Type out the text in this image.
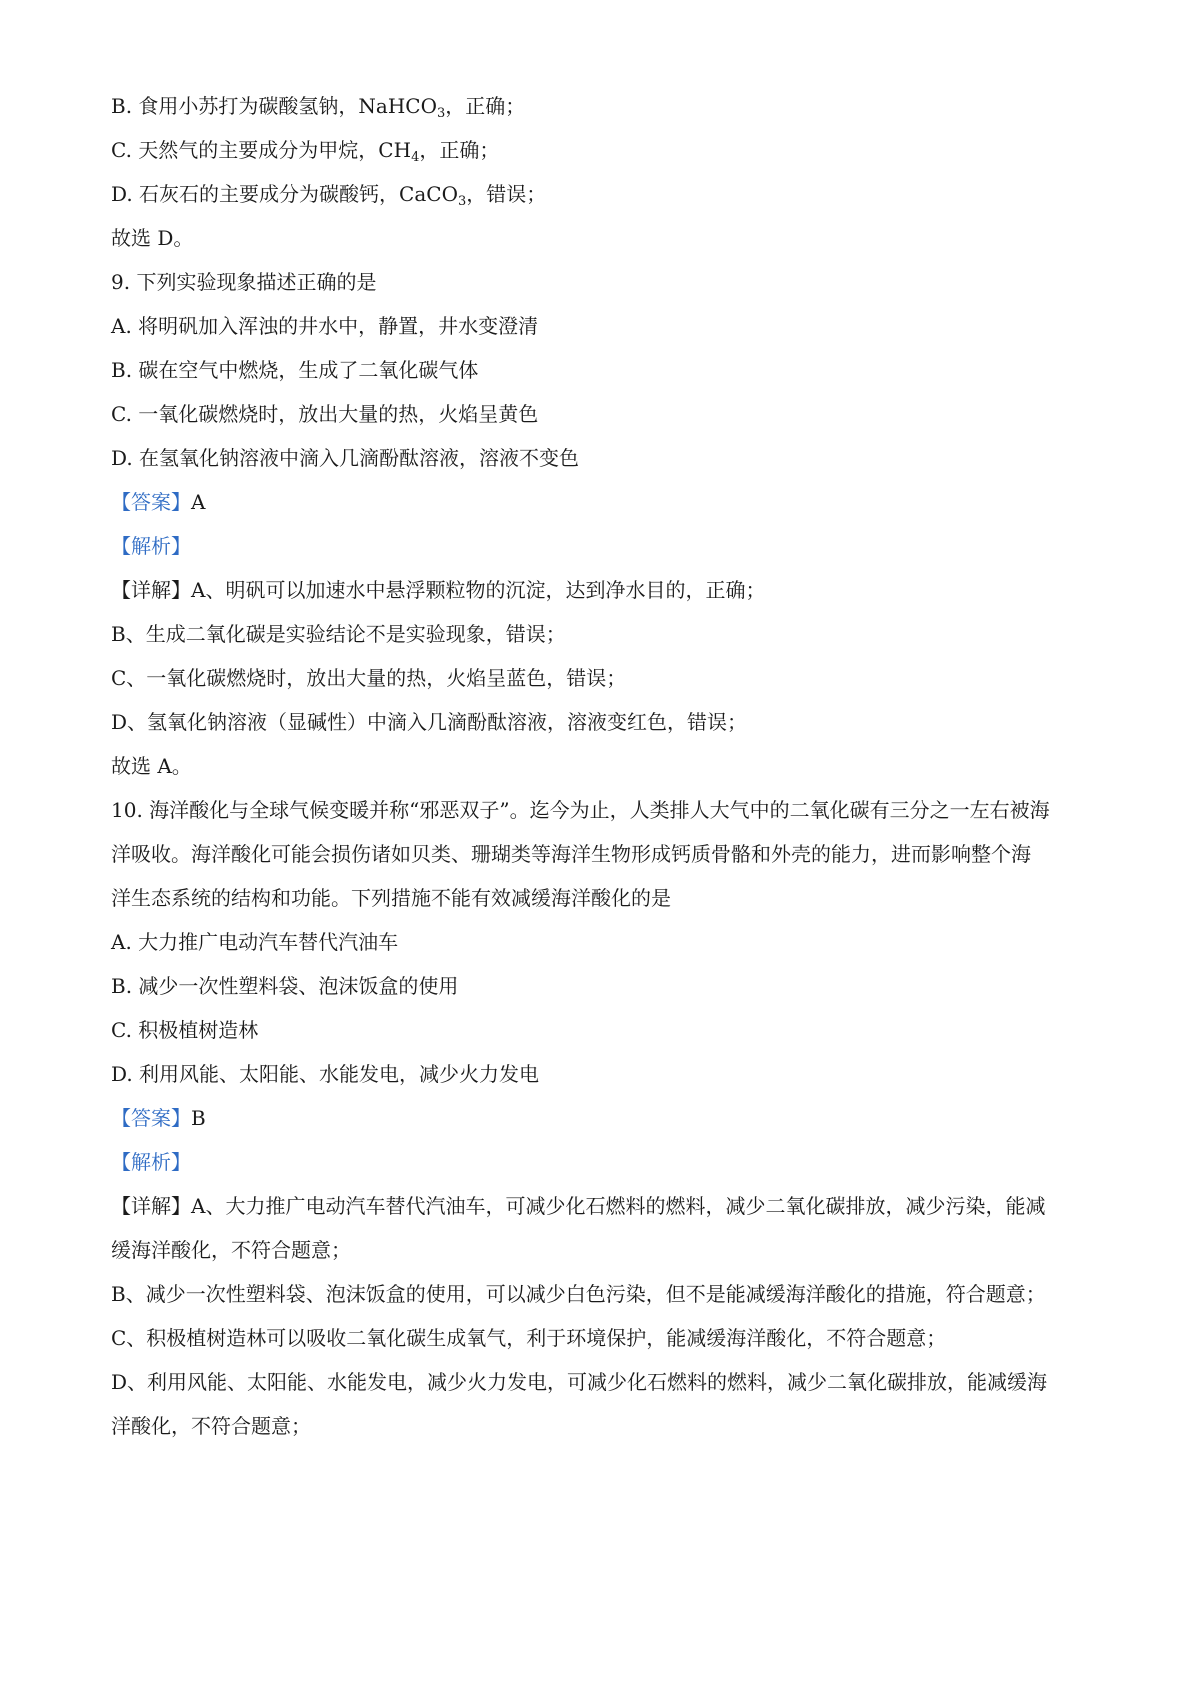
B. 食用小苏打为碳酸氢钠，NaHCO$_3$，正确；
C. 天然气的主要成分为甲烷，$CH_4$，正确；
D. 石灰石的主要成分为碳酸钙，CaCO$_3$，错误；
故选 D。
9. 下列实验现象描述正确的是
A. 将明矾加入浑浊的井水中，静置，井水变澄清
B. 碳在空气中燃烧，生成了二氧化碳气体
C. 一氧化碳燃烧时，放出大量的热，火焰呈黄色
D. 在氢氧化钠溶液中滴入几滴酚酞溶液，溶液不变色
【答案】A
【解析】
【详解】A、明矾可以加速水中悬浮颗粒物的沉淀，达到净水目的，正确；
B、生成二氧化碳是实验结论不是实验现象，错误；
C、一氧化碳燃烧时，放出大量的热，火焰呈蓝色，错误；
D、氢氧化钠溶液（显碱性）中滴入几滴酚酞溶液，溶液变红色，错误；
故选 A。
10. 海洋酸化与全球气候变暖并称“邪恶双子”。迄今为止，人类排人大气中的二氧化碳有三分之一左右被海
洋吸收。海洋酸化可能会损伤诸如贝类、珊瑚类等海洋生物形成钙质骨骼和外壳的能力，进而影响整个海
洋生态系统的结构和功能。下列措施不能有效减缓海洋酸化的是
A. 大力推广电动汽车替代汽油车
B. 减少一次性塑料袋、泡沫饭盒的使用
C. 积极植树造林
D. 利用风能、太阳能、水能发电，减少火力发电
【答案】B
【解析】
【详解】A、大力推广电动汽车替代汽油车，可减少化石燃料的燃料，减少二氧化碳排放，减少污染，能减
缓海洋酸化，不符合题意；
B、减少一次性塑料袋、泡沫饭盒的使用，可以减少白色污染，但不是能减缓海洋酸化的措施，符合题意；
C、积极植树造林可以吸收二氧化碳生成氧气，利于环境保护，能减缓海洋酸化，不符合题意；
D、利用风能、太阳能、水能发电，减少火力发电，可减少化石燃料的燃料，减少二氧化碳排放，能减缓海
洋酸化，不符合题意；
